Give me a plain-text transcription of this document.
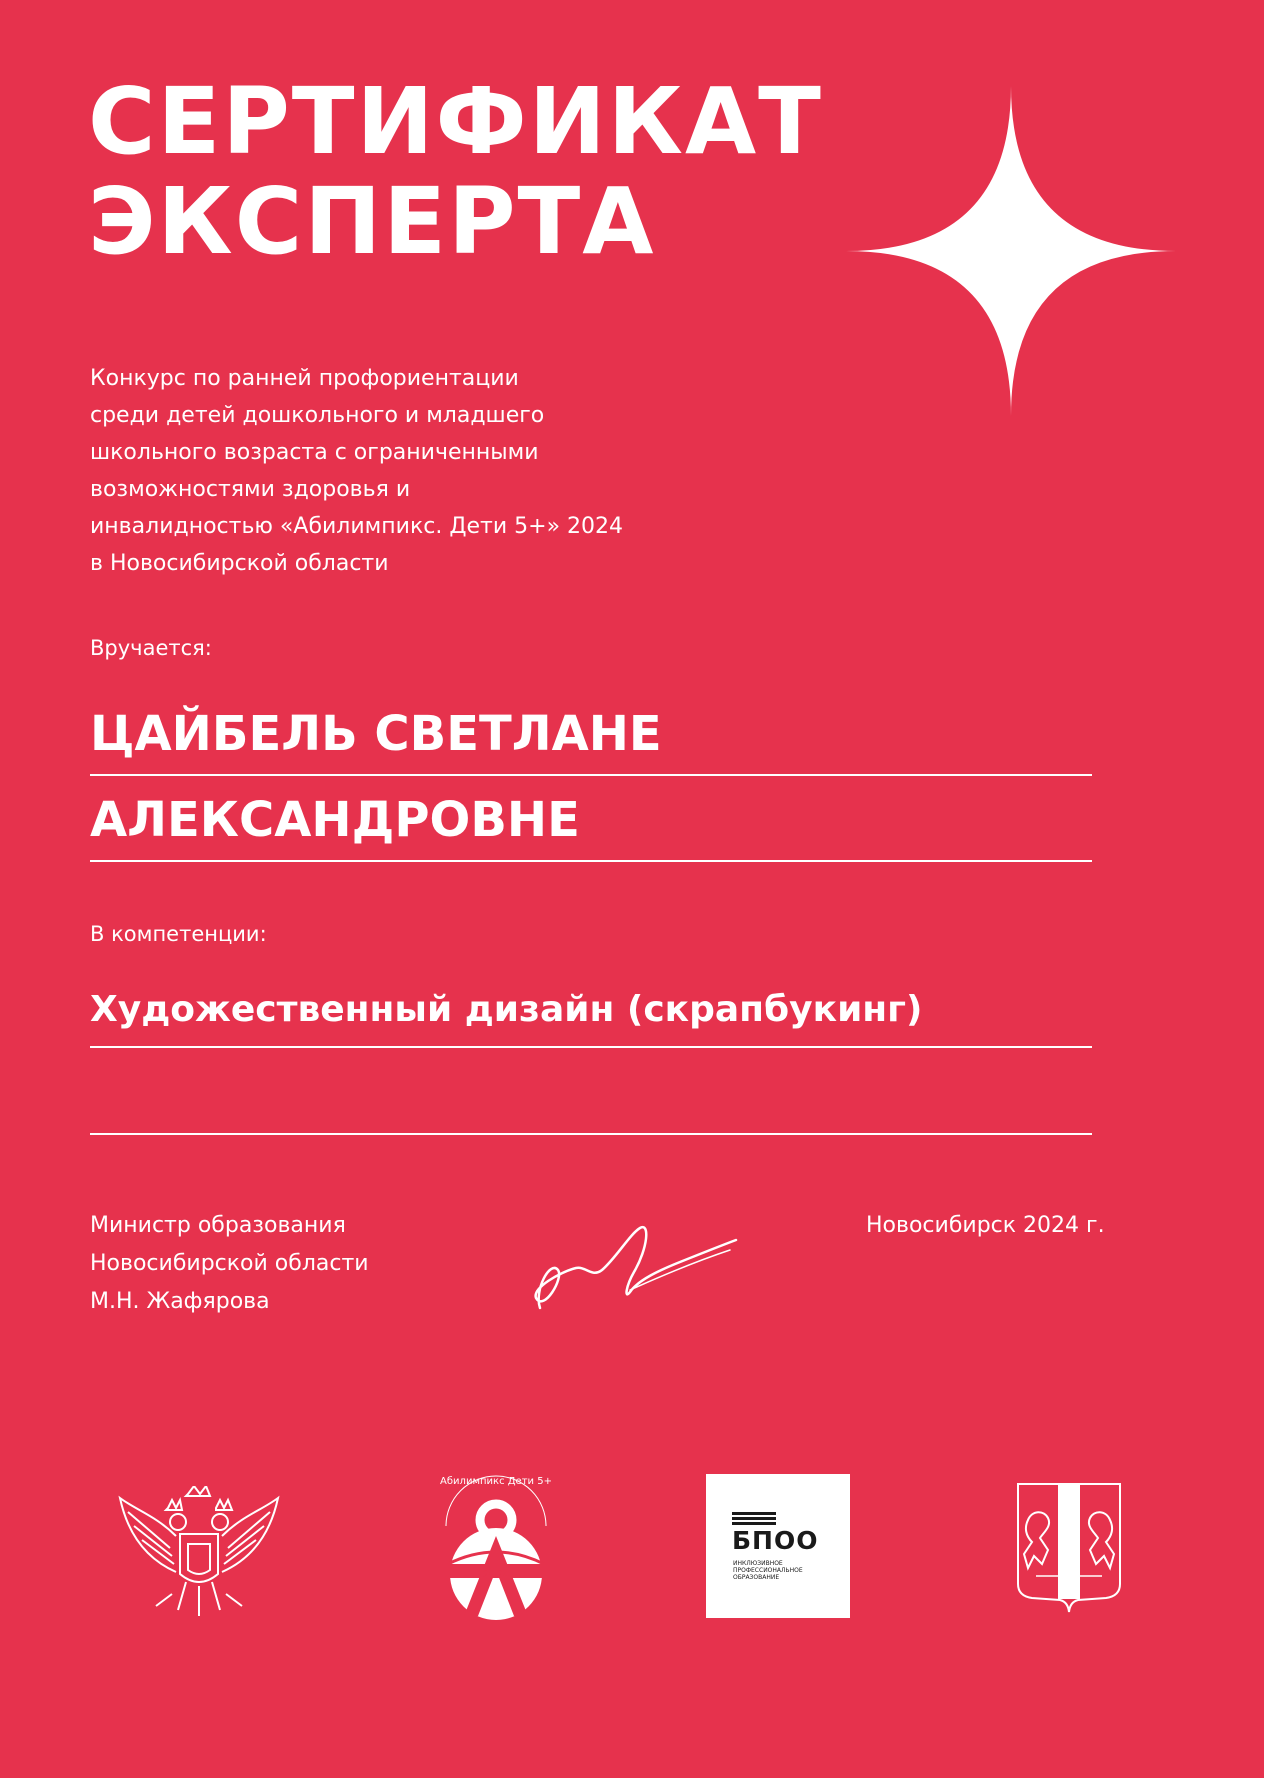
СЕРТИФИКАТ
ЭКСПЕРТА
Конкурс по ранней профориентации
среди детей дошкольного и младшего
школьного возраста с ограниченными
возможностями здоровья и
инвалидностью «Абилимпикс. Дети 5+» 2024
в Новосибирской области
Вручается:
ЦАЙБЕЛЬ СВЕТЛАНЕ
АЛЕКСАНДРОВНЕ
В компетенции:
Художественный дизайн (скрапбукинг)
Министр образования
Новосибирской области
М.Н. Жафярова
Новосибирск 2024 г.
Абилимпикс Дети 5+
2024
БПОО
ИНКЛЮЗИВНОЕ
ПРОФЕССИОНАЛЬНОЕ
ОБРАЗОВАНИЕ
